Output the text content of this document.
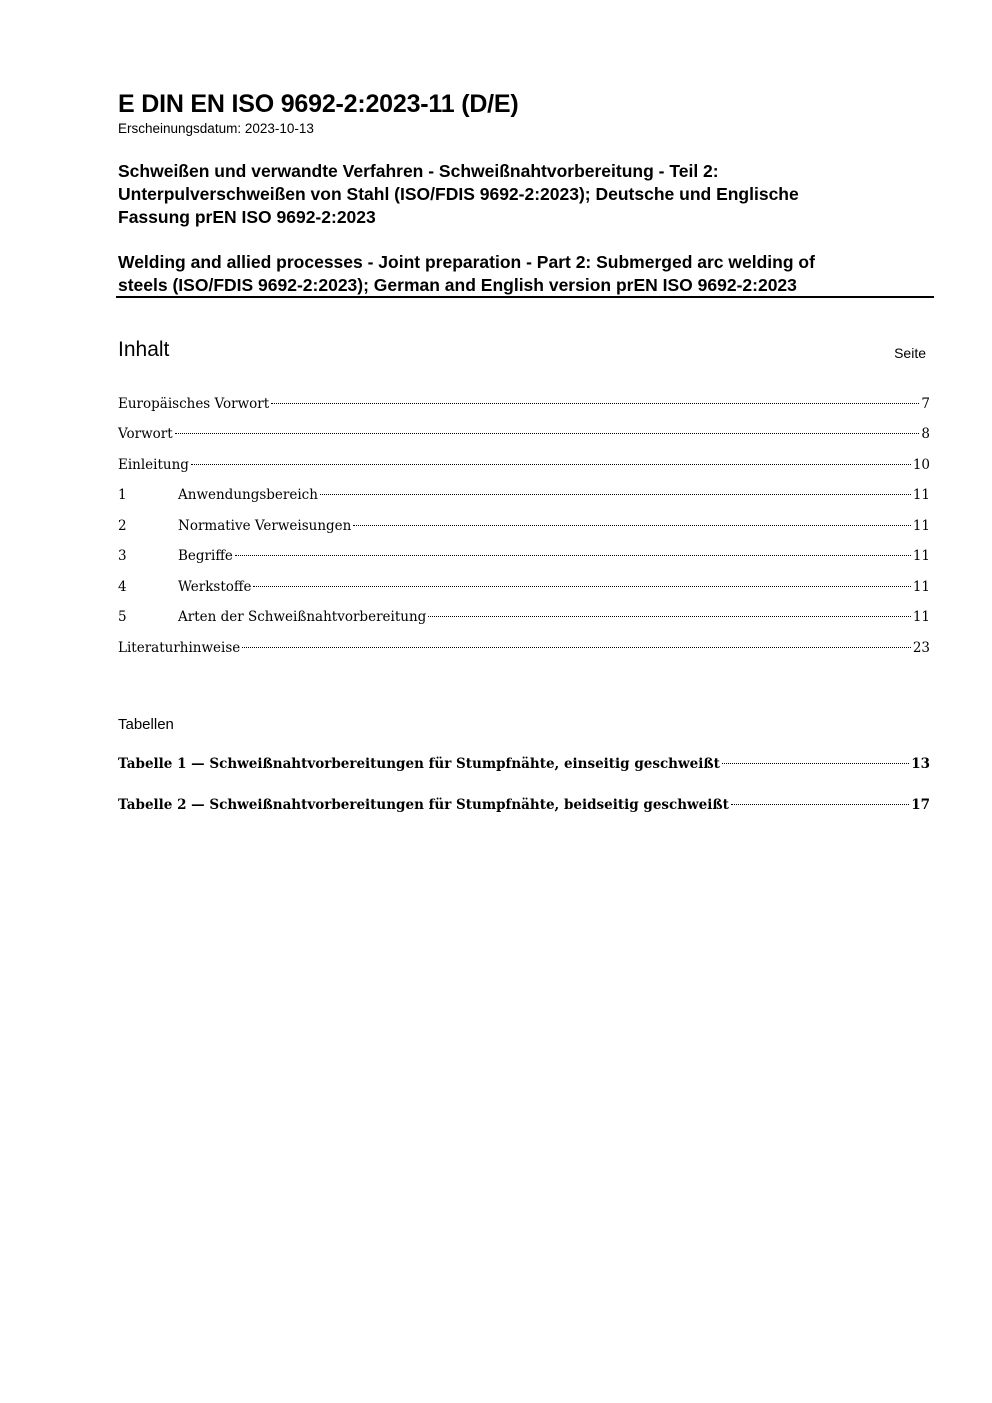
E DIN EN ISO 9692-2:2023-11 (D/E)
Erscheinungsdatum: 2023-10-13
Schweißen und verwandte Verfahren - Schweißnahtvorbereitung - Teil 2:
Unterpulverschweißen von Stahl (ISO/FDIS 9692-2:2023); Deutsche und Englische
Fassung prEN ISO 9692-2:2023
Welding and allied processes - Joint preparation - Part 2: Submerged arc welding of
steels (ISO/FDIS 9692-2:2023); German and English version prEN ISO 9692-2:2023
Inhalt	Seite
Europäisches Vorwort	7
Vorwort	8
Einleitung	10
1	Anwendungsbereich	11
2	Normative Verweisungen	11
3	Begriffe	11
4	Werkstoffe	11
5	Arten der Schweißnahtvorbereitung	11
Literaturhinweise	23
Tabellen
Tabelle 1 — Schweißnahtvorbereitungen für Stumpfnähte, einseitig geschweißt	13
Tabelle 2 — Schweißnahtvorbereitungen für Stumpfnähte, beidseitig geschweißt	17
